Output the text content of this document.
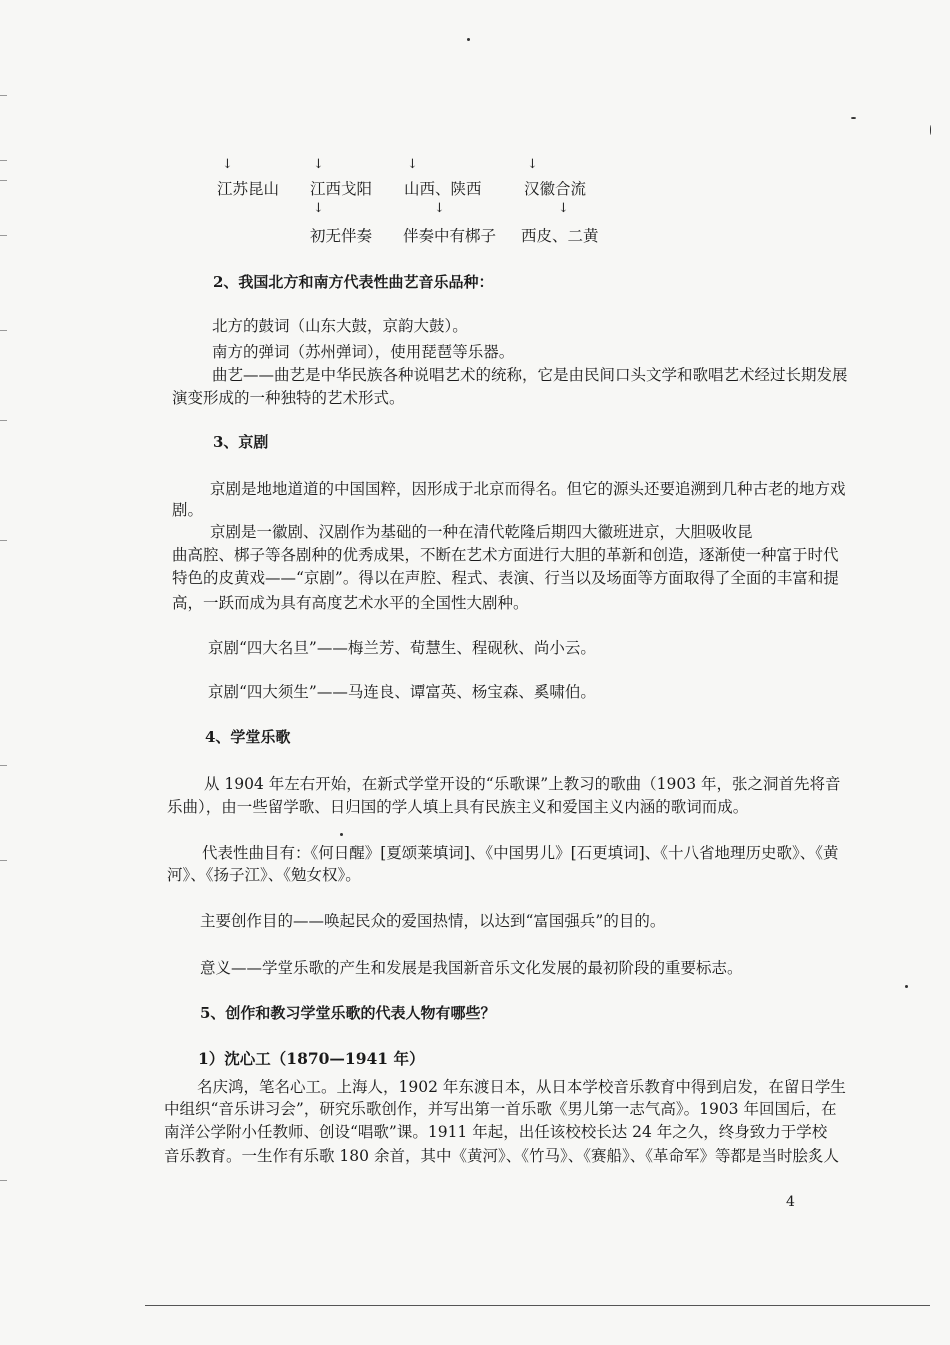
↓	↓	↓	↓
江苏昆山 江西戈阳 山西、陕西	汉徽合流
↓	↓	↓
初无伴奏 伴奏中有梆子 西皮、二黄
2、我国北方和南方代表性曲艺音乐品种：
北方的鼓词（山东大鼓，京韵大鼓）。
南方的弹词（苏州弹词），使用琵琶等乐器。
曲艺——曲艺是中华民族各种说唱艺术的统称，它是由民间口头文学和歌唱艺术经过长期发展
演变形成的一种独特的艺术形式。
3、京剧
京剧是地地道道的中国国粹，因形成于北京而得名。但它的源头还要追溯到几种古老的地方戏
剧。
京剧是一徽剧、汉剧作为基础的一种在清代乾隆后期四大徽班进京，大胆吸收昆
曲高腔、梆子等各剧种的优秀成果，不断在艺术方面进行大胆的革新和创造，逐渐使一种富于时代
特色的皮黄戏——“京剧”。得以在声腔、程式、表演、行当以及场面等方面取得了全面的丰富和提
高，一跃而成为具有高度艺术水平的全国性大剧种。
京剧“四大名旦”——梅兰芳、荀慧生、程砚秋、尚小云。
京剧“四大须生”——马连良、谭富英、杨宝森、奚啸伯。
4、学堂乐歌
从 1904 年左右开始，在新式学堂开设的“乐歌课”上教习的歌曲（1903 年，张之洞首先将音
乐曲），由一些留学歌、日归国的学人填上具有民族主义和爱国主义内涵的歌词而成。
代表性曲目有：《何日醒》[夏颂莱填词]、《中国男儿》[石更填词]、《十八省地理历史歌》、《黄
河》、《扬子江》、《勉女权》。
主要创作目的——唤起民众的爱国热情，以达到“富国强兵”的目的。
意义——学堂乐歌的产生和发展是我国新音乐文化发展的最初阶段的重要标志。
5、创作和教习学堂乐歌的代表人物有哪些？
1）沈心工（1870—1941 年）
名庆鸿，笔名心工。上海人，1902 年东渡日本，从日本学校音乐教育中得到启发，在留日学生
中组织“音乐讲习会”，研究乐歌创作，并写出第一首乐歌《男儿第一志气高》。1903 年回国后，在
南洋公学附小任教师、创设“唱歌”课。1911 年起，出任该校校长达 24 年之久，终身致力于学校
音乐教育。一生作有乐歌 180 余首，其中《黄河》、《竹马》、《赛船》、《革命军》等都是当时脍炙人
4
